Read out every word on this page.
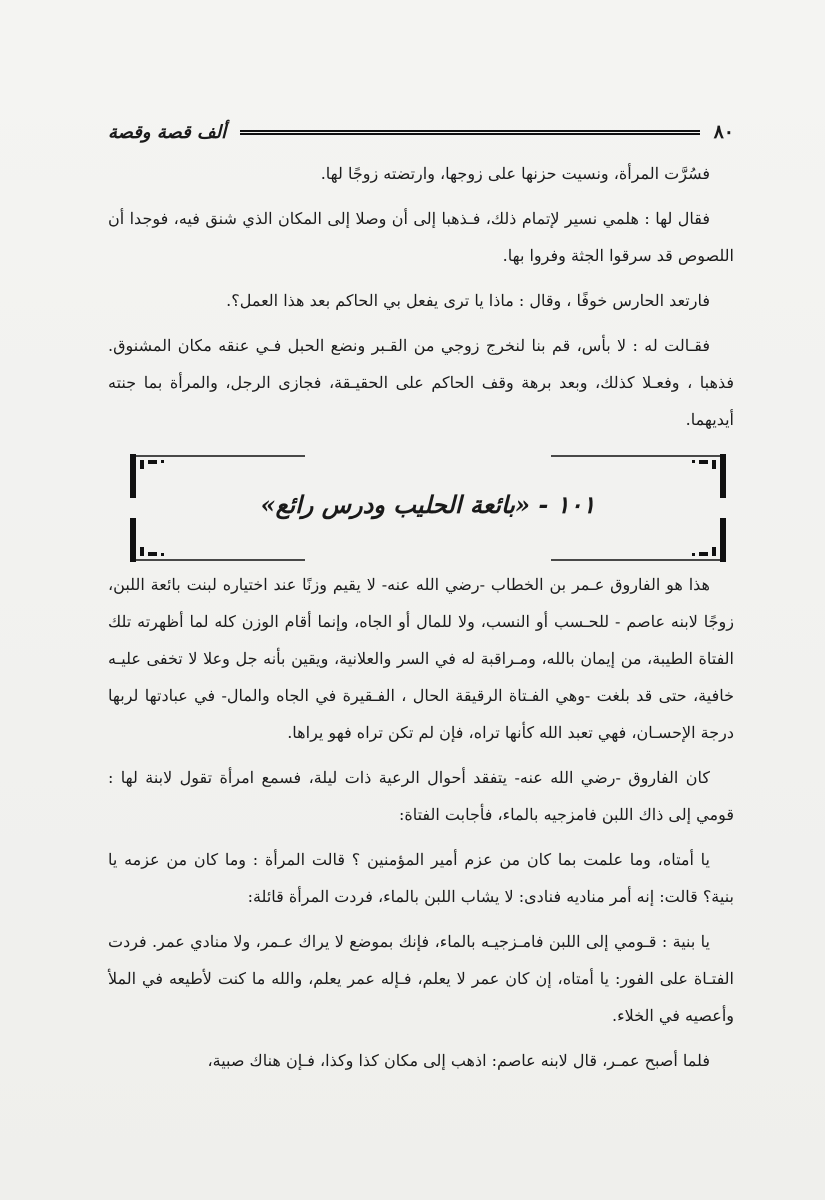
٨٠
ألف قصة وقصة

فسُرَّت المرأة، ونسيت حزنها على زوجها، وارتضته زوجًا لها.

فقال لها : هلمي نسير لإتمام ذلك، فـذهبا إلى أن وصلا إلى المكان الذي شنق فيه، فوجدا أن اللصوص قد سرقوا الجثة وفروا بها.

فارتعد الحارس خوفًا ، وقال : ماذا يا ترى يفعل بي الحاكم بعد هذا العمل؟.

فقـالت له : لا بأس، قم بنا لنخرج زوجي من القـبر ونضع الحبل فـي عنقه مكان المشنوق. فذهبا ، وفعـلا كذلك، وبعد برهة وقف الحاكم على الحقيـقة، فجازى الرجل، والمرأة بما جنته أيديهما.

١٠١ - «بائعة الحليب ودرس رائع»

هذا هو الفاروق عـمر بن الخطاب -رضي الله عنه- لا يقيم وزنًا عند اختياره لبنت بائعة اللبن، زوجًا لابنه عاصم - للحـسب أو النسب، ولا للمال أو الجاه، وإنما أقام الوزن كله لما أظهرته تلك الفتاة الطيبة، من إيمان بالله، ومـراقبة له في السر والعلانية، ويقين بأنه جل وعلا لا تخفى عليـه خافية، حتى قد بلغت -وهي الفـتاة الرقيقة الحال ، الفـقيرة في الجاه والمال- في عبادتها لربها درجة الإحسـان، فهي تعبد الله كأنها تراه، فإن لم تكن تراه فهو يراها.

كان الفاروق -رضي الله عنه- يتفقد أحوال الرعية ذات ليلة، فسمع امرأة تقول لابنة لها : قومي إلى ذاك اللبن فامزجيه بالماء، فأجابت الفتاة:

يا أمتاه، وما علمت بما كان من عزم أمير المؤمنين ؟ قالت المرأة : وما كان من عزمه يا بنية؟ قالت: إنه أمر مناديه فنادى: لا يشاب اللبن بالماء، فردت المرأة قائلة:

يا بنية : قـومي إلى اللبن فامـزجيـه بالماء، فإنك بموضع لا يراك عـمر، ولا منادي عمر. فردت الفتـاة على الفور: يا أمتاه، إن كان عمر لا يعلم، فـإله عمر يعلم، والله ما كنت لأطيعه في الملأ وأعصيه في الخلاء.

فلما أصبح عمـر، قال لابنه عاصم: اذهب إلى مكان كذا وكذا، فـإن هناك صبية،
